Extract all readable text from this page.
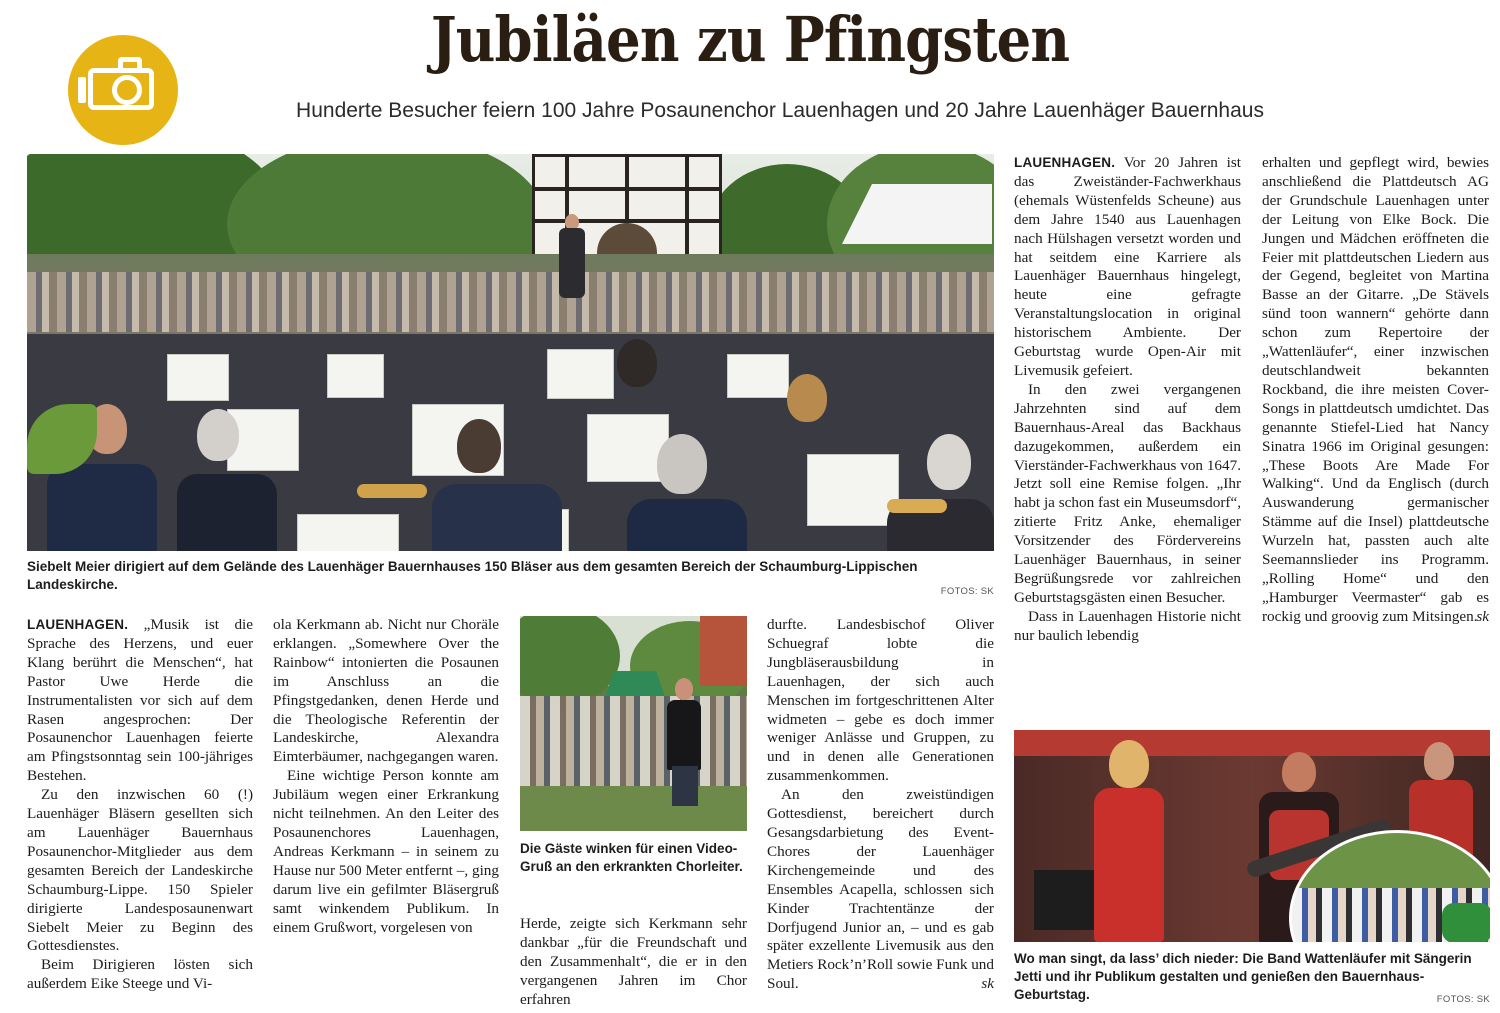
Jubiläen zu Pfingsten
Hunderte Besucher feiern 100 Jahre Posaunenchor Lauenhagen und 20 Jahre Lauenhäger Bauernhaus
Siebelt Meier dirigiert auf dem Gelände des Lauenhäger Bauernhauses 150 Bläser aus dem gesamten Bereich der Schaumburg-Lippischen Landeskirche.	FOTOS: SK

LAUENHAGEN. „Musik ist die Sprache des Herzens, und euer Klang berührt die Menschen“, hat Pastor Uwe Herde die Instrumentalisten vor sich auf dem Rasen angesprochen: Der Posaunenchor Lauenhagen feierte am Pfingstsonntag sein 100-jähriges Bestehen.

Zu den inzwischen 60 (!) Lauenhäger Bläsern gesellten sich am Lauenhäger Bauernhaus Posaunenchor-Mitglieder aus dem gesamten Bereich der Landeskirche Schaumburg-Lippe. 150 Spieler dirigierte Landesposaunenwart Siebelt Meier zu Beginn des Gottesdienstes.

Beim Dirigieren lösten sich außerdem Eike Steege und Vi-

ola Kerkmann ab. Nicht nur Choräle erklangen. „Somewhere Over the Rainbow“ intonierten die Posaunen im Anschluss an die Pfingstgedanken, denen Herde und die Theologische Referentin der Landeskirche, Alexandra Eimterbäumer, nachgegangen waren.

Eine wichtige Person konnte am Jubiläum wegen einer Erkrankung nicht teilnehmen. An den Leiter des Posaunenchores Lauenhagen, Andreas Kerkmann – in seinem zu Hause nur 500 Meter entfernt –, ging darum live ein gefilmter Bläsergruß samt winkendem Publikum. In einem Grußwort, vorgelesen von

Die Gäste winken für einen Video-Gruß an den erkrankten Chorleiter.

Herde, zeigte sich Kerkmann sehr dankbar „für die Freundschaft und den Zusammenhalt“, die er in den vergangenen Jahren im Chor erfahren

durfte. Landesbischof Oliver Schuegraf lobte die Jungbläserausbildung in Lauenhagen, der sich auch Menschen im fortgeschrittenen Alter widmeten – gebe es doch immer weniger Anlässe und Gruppen, zu und in denen alle Generationen zusammenkommen.

An den zweistündigen Gottesdienst, bereichert durch Gesangsdarbietung des Event-Chores der Lauenhäger Kirchengemeinde und des Ensembles Acapella, schlossen sich Kinder Trachtentänze der Dorfjugend Junior an, – und es gab später exzellente Livemusik aus den Metiers Rock’n’Roll sowie Funk und Soul.	sk

LAUENHAGEN. Vor 20 Jahren ist das Zweiständer-Fachwerkhaus (ehemals Wüstenfelds Scheune) aus dem Jahre 1540 aus Lauenhagen nach Hülshagen versetzt worden und hat seitdem eine Karriere als Lauenhäger Bauernhaus hingelegt, heute eine gefragte Veranstaltungslocation in original historischem Ambiente. Der Geburtstag wurde Open-Air mit Livemusik gefeiert.

In den zwei vergangenen Jahrzehnten sind auf dem Bauernhaus-Areal das Backhaus dazugekommen, außerdem ein Vierständer-Fachwerkhaus von 1647. Jetzt soll eine Remise folgen. „Ihr habt ja schon fast ein Museumsdorf“, zitierte Fritz Anke, ehemaliger Vorsitzender des Fördervereins Lauenhäger Bauernhaus, in seiner Begrüßungsrede vor zahlreichen Geburtstagsgästen einen Besucher.

Dass in Lauenhagen Historie nicht nur baulich lebendig

erhalten und gepflegt wird, bewies anschließend die Plattdeutsch AG der Grundschule Lauenhagen unter der Leitung von Elke Bock. Die Jungen und Mädchen eröffneten die Feier mit plattdeutschen Liedern aus der Gegend, begleitet von Martina Basse an der Gitarre. „De Stävels sünd toon wannern“ gehörte dann schon zum Repertoire der „Wattenläufer“, einer inzwischen deutschlandweit bekannten Rockband, die ihre meisten Cover-Songs in plattdeutsch umdichtet. Das genannte Stiefel-Lied hat Nancy Sinatra 1966 im Original gesungen: „These Boots Are Made For Walking“. Und da Englisch (durch Auswanderung germanischer Stämme auf die Insel) plattdeutsche Wurzeln hat, passten auch alte Seemannslieder ins Programm. „Rolling Home“ und den „Hamburger Veermaster“ gab es rockig und groovig zum Mitsingen.

sk
Wo man singt, da lass’ dich nieder: Die Band Wattenläufer mit Sängerin Jetti und ihr Publikum gestalten und genießen den Bauernhaus-Geburtstag.	FOTOS: SK
